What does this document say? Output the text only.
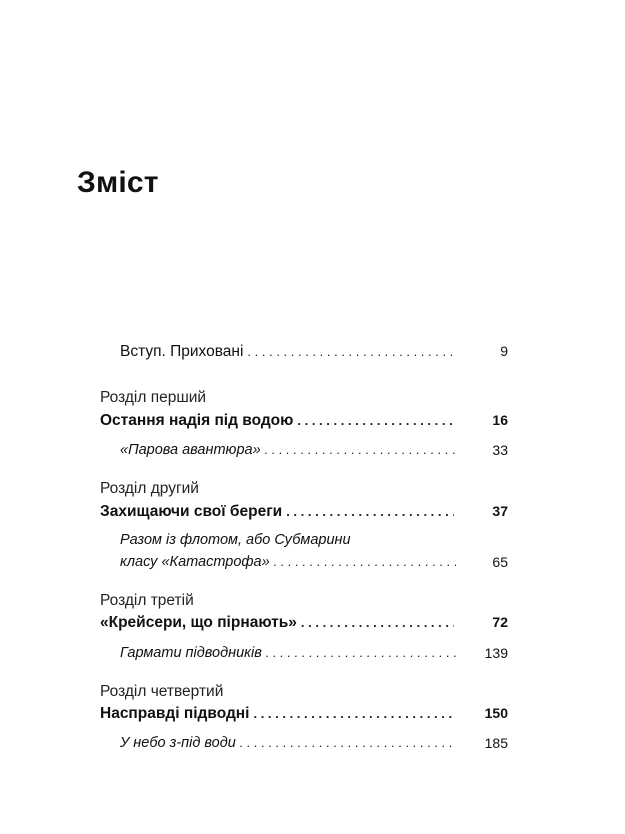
Зміст
Вступ. Приховані . . .	9
Розділ перший
Остання надія під водою . . .	16
«Парова авантюра» . . .	33
Розділ другий
Захищаючи свої береги . . .	37
Разом із флотом, або Субмарини
класу «Катастрофа» . . .	65
Розділ третій
«Крейсери, що пірнають» . . .	72
Гармати підводників . . .	139
Розділ четвертий
Насправді підводні . . .	150
У небо з-під води . . .	185
